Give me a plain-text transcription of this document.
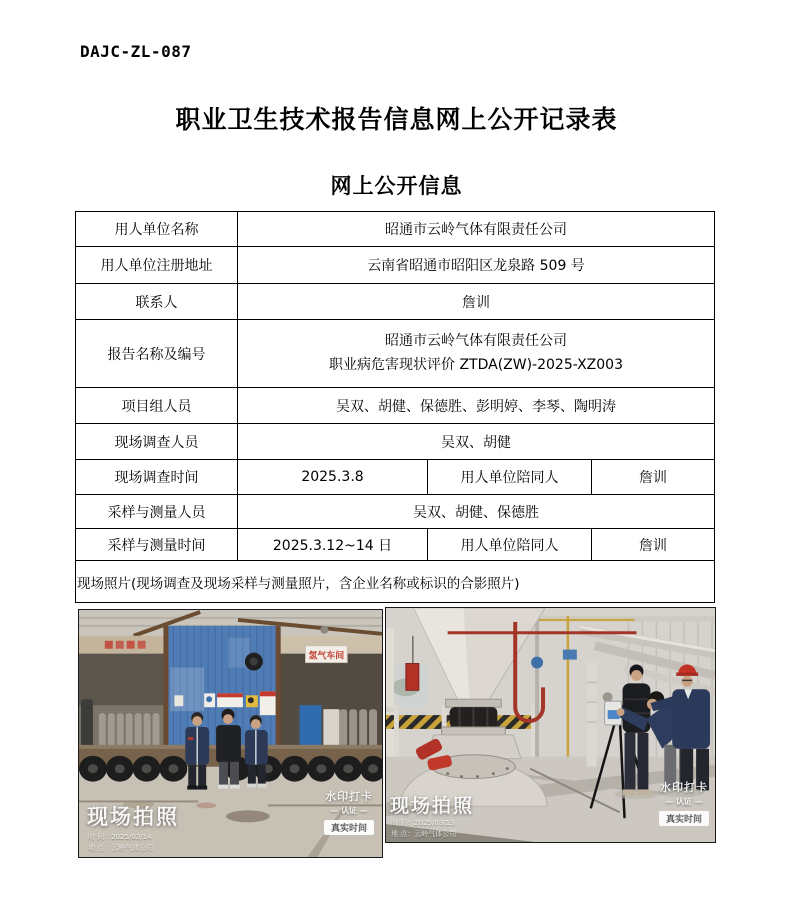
DAJC-ZL-087
职业卫生技术报告信息网上公开记录表
网上公开信息
用人单位名称	昭通市云岭气体有限责任公司		
用人单位注册地址	云南省昭通市昭阳区龙泉路 509 号		
联系人	詹训		
报告名称及编号	昭通市云岭气体有限责任公司
职业病危害现状评价 ZTDA(ZW)-2025-XZ003		

项目组人员	吴双、胡健、保德胜、彭明婷、李琴、陶明涛		
现场调查人员	吴双、胡健		
现场调查时间	2025.3.8	用人单位陪同人	詹训
采样与测量人员	吴双、胡健、保德胜		
采样与测量时间	2025.3.12~14 日	用人单位陪同人	詹训
现场照片(现场调查及现场采样与测量照片，含企业名称或标识的合影照片)			
氢气车间
现场拍照
时 间：2025/03/14
地 点：云岭气体公司
水印打卡
— 认证 —
真实时间
现场拍照
时 间：2025/03/13
地 点：云岭气体公司
水印打卡
— 认证 —
真实时间
